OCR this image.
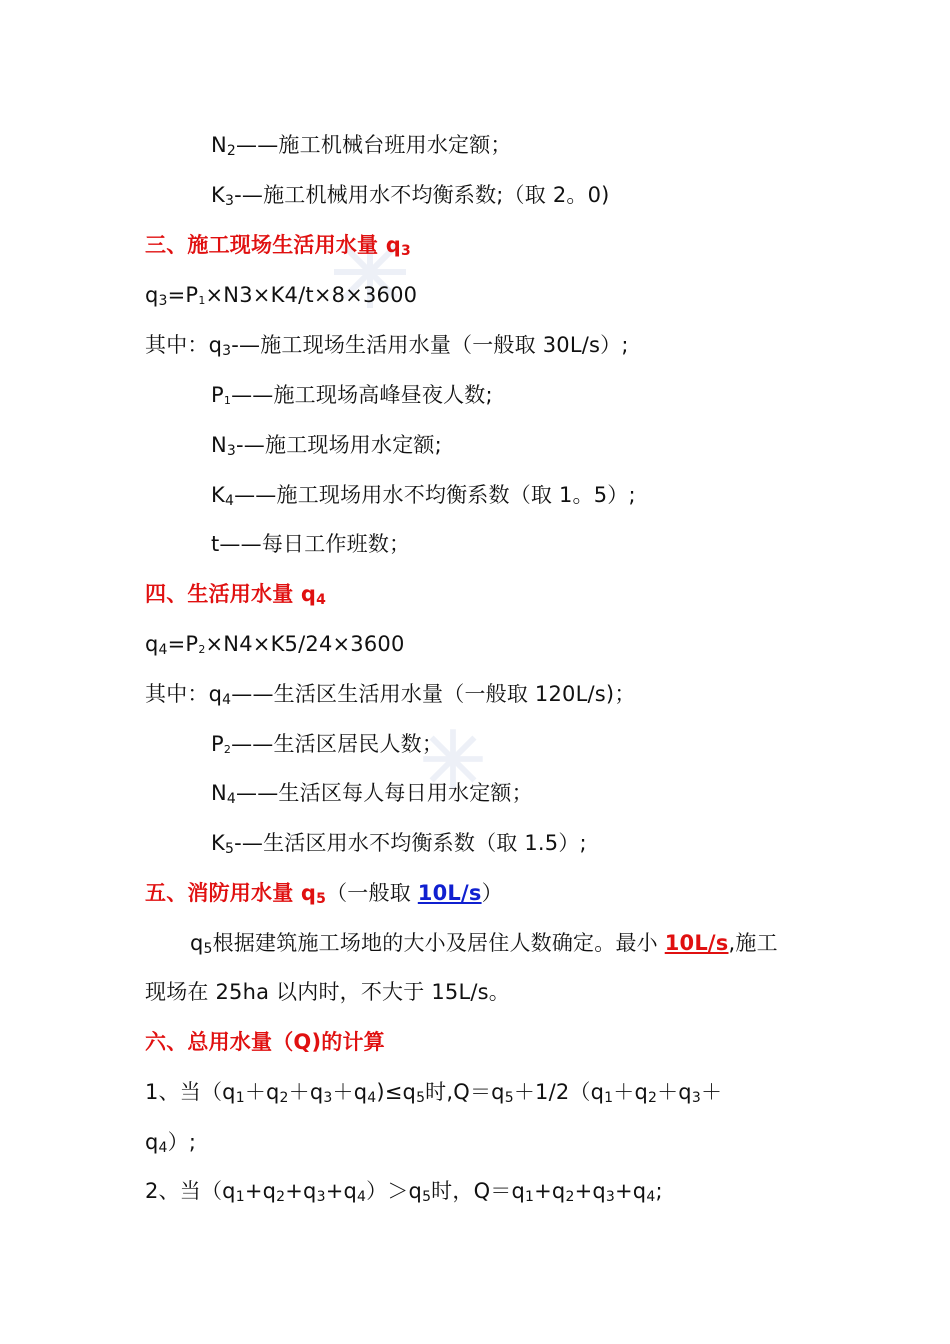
$N_2——$施工机械台班用水定额；
$K_3-—$施工机械用水不均衡系数;（取 2。0)
三、施工现场生活用水量 $q_3$
$q_3=P_1\times N3\times K4/t\times 8\times 3600$
其中：$q_3-—$施工现场生活用水量（一般取 30L/s）;
$P_1——$施工现场高峰昼夜人数;
$N_3-—$施工现场用水定额;
$K_4——$施工现场用水不均衡系数（取 1。5）;
t——每日工作班数；
四、生活用水量 $q_4$
$q_4=P_2\times N4\times K5/24\times 3600$
其中：$q_4——$生活区生活用水量（一般取 120L/s)；
$P_2——$生活区居民人数；
$N_4——$生活区每人每日用水定额；
$K_5-—$生活区用水不均衡系数（取 1.5）;
五、消防用水量 $q_5$（一般取 10L/s）
$q_5$根据建筑施工场地的大小及居住人数确定。最小 10L/s,施工
现场在 25ha 以内时，不大于 15L/s。
六、总用水量（Q)的计算
1、当$(q_1+q_2+q_3+q_4)\le q_5$时$,Q=q_5+1/2(q_1+q_2+q_3+$
$q_4$）;
2、当$(q_1+q_2+q_3+q_4)>q_5$时，$Q=q_1+q_2+q_3+q_4$;
